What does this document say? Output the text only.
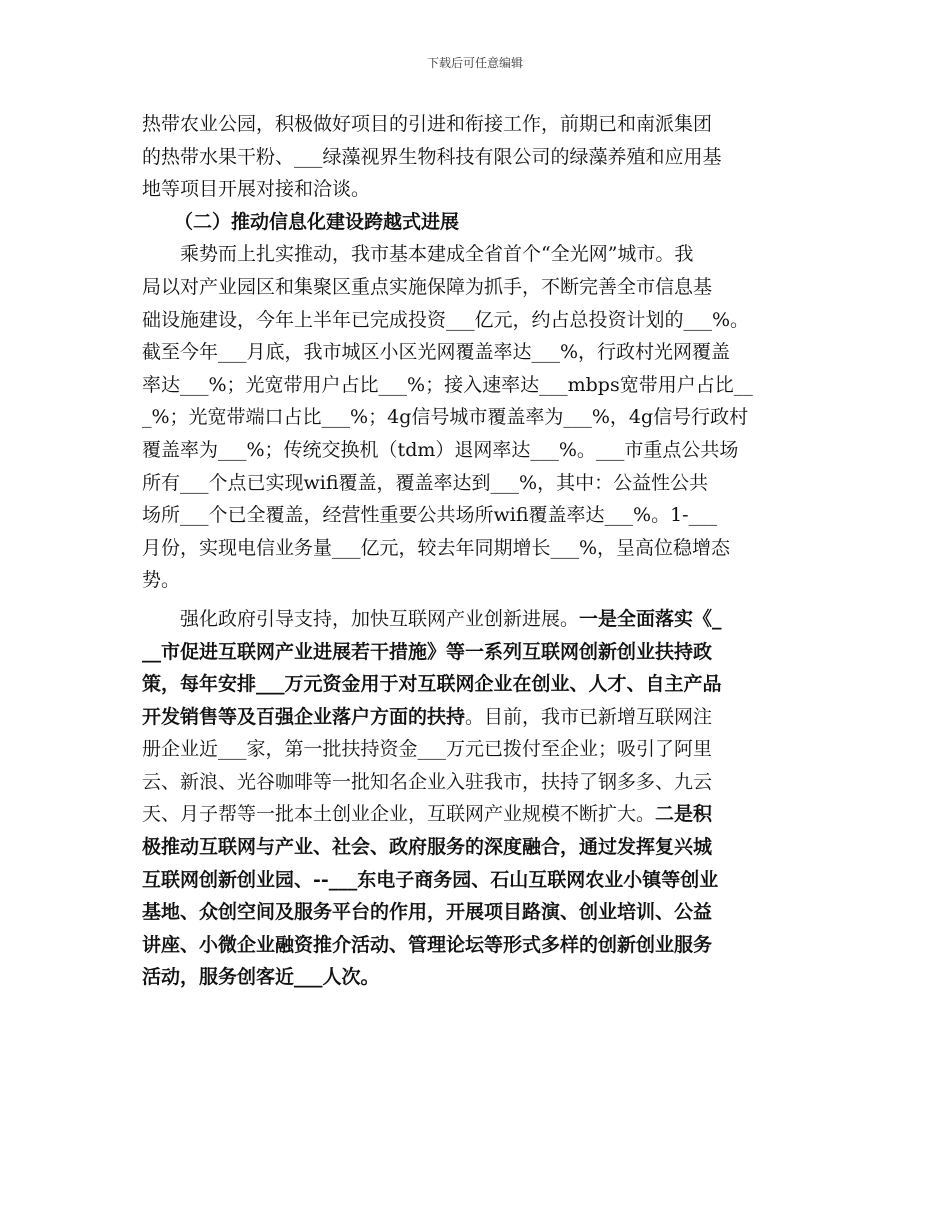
下载后可任意编辑
热带农业公园，积极做好项目的引进和衔接工作，前期已和南派集团
的热带水果干粉、___绿藻视界生物科技有限公司的绿藻养殖和应用基
地等项目开展对接和洽谈。
（二）推动信息化建设跨越式进展
　　乘势而上扎实推动，我市基本建成全省首个“全光网”城市。我
局以对产业园区和集聚区重点实施保障为抓手，不断完善全市信息基
础设施建设，今年上半年已完成投资___亿元，约占总投资计划的___%。
截至今年___月底，我市城区小区光网覆盖率达___%，行政村光网覆盖
率达___%；光宽带用户占比___%；接入速率达___mbps宽带用户占比__
_%；光宽带端口占比___%；4g信号城市覆盖率为___%，4g信号行政村
覆盖率为___%；传统交换机（tdm）退网率达___%。___市重点公共场
所有___个点已实现wifi覆盖，覆盖率达到___%，其中：公益性公共
场所___个已全覆盖，经营性重要公共场所wifi覆盖率达___%。1-___
月份，实现电信业务量___亿元，较去年同期增长___%，呈高位稳增态
势。
　　强化政府引导支持，加快互联网产业创新进展。一是全面落实《_
__市促进互联网产业进展若干措施》等一系列互联网创新创业扶持政
策，每年安排___万元资金用于对互联网企业在创业、人才、自主产品
开发销售等及百强企业落户方面的扶持。目前，我市已新增互联网注
册企业近___家，第一批扶持资金___万元已拨付至企业；吸引了阿里
云、新浪、光谷咖啡等一批知名企业入驻我市，扶持了钢多多、九云
天、月子帮等一批本土创业企业，互联网产业规模不断扩大。二是积
极推动互联网与产业、社会、政府服务的深度融合，通过发挥复兴城
互联网创新创业园、--___东电子商务园、石山互联网农业小镇等创业
基地、众创空间及服务平台的作用，开展项目路演、创业培训、公益
讲座、小微企业融资推介活动、管理论坛等形式多样的创新创业服务
活动，服务创客近___人次。
